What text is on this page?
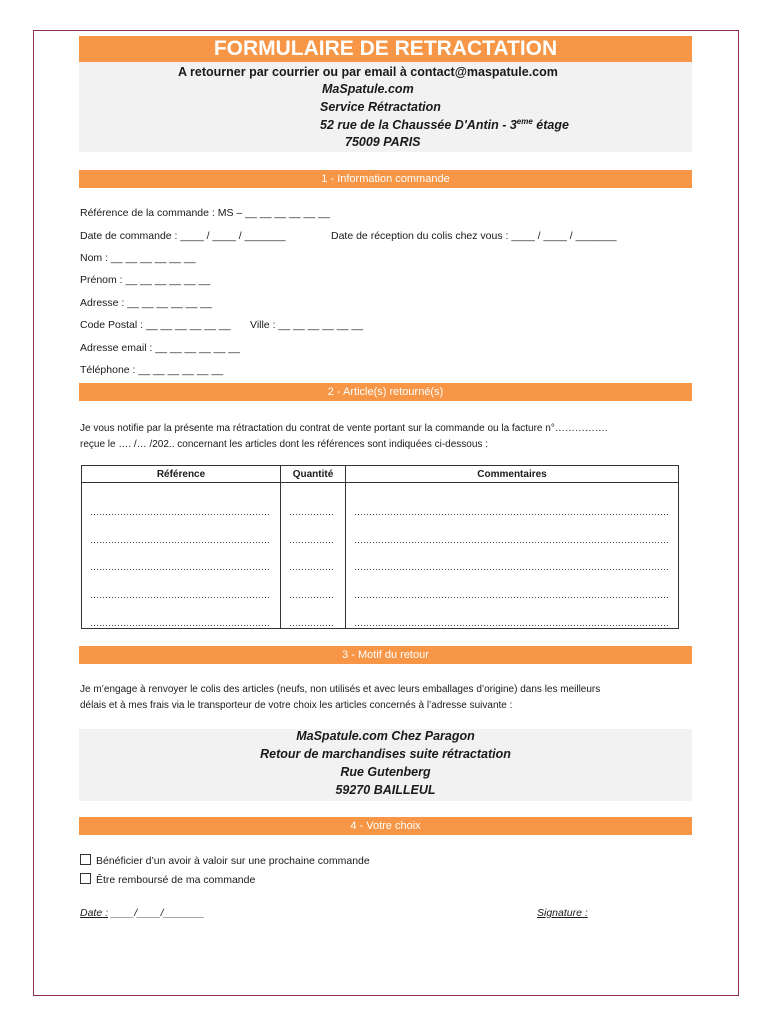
FORMULAIRE DE RETRACTATION
A retourner par courrier ou par email à contact@maspatule.com
MaSpatule.com
Service Rétractation
52 rue de la Chaussée D'Antin - 3eme étage
75009 PARIS
1 - Information commande
Référence de la commande : MS – __ __ __ __ __ __
Date de commande : ____ / ____ / _______	Date de réception du colis chez vous : ____ / ____ / _______
Nom : __ __ __ __ __ __
Prénom : __ __ __ __ __ __
Adresse : __ __ __ __ __ __
Code Postal : __ __ __ __ __ __ Ville : __ __ __ __ __ __
Adresse email : __ __ __ __ __ __
Téléphone : __ __ __ __ __ __
2 - Article(s) retourné(s)
Je vous notifie par la présente ma rétractation du contrat de vente portant sur la commande ou la facture n°…………….
reçue le …. /… /202.. concernant les articles dont les références sont indiquées ci-dessous :
Référence	Quantité	Commentaires
……………………………………………………	……………	……………………………………………………………………………………………
……………………………………………………	……………	……………………………………………………………………………………………
……………………………………………………	……………	……………………………………………………………………………………………
……………………………………………………	……………	……………………………………………………………………………………………
……………………………………………………	……………	……………………………………………………………………………………………
3 - Motif du retour
Je m’engage à renvoyer le colis des articles (neufs, non utilisés et avec leurs emballages d’origine) dans les meilleurs
délais et à mes frais via le transporteur de votre choix les articles concernés à l’adresse suivante :
MaSpatule.com Chez Paragon
Retour de marchandises suite rétractation
Rue Gutenberg
59270 BAILLEUL
4 - Votre choix
Bénéficier d’un avoir à valoir sur une prochaine commande
Être remboursé de ma commande
Date : ____/____/_______	Signature :
